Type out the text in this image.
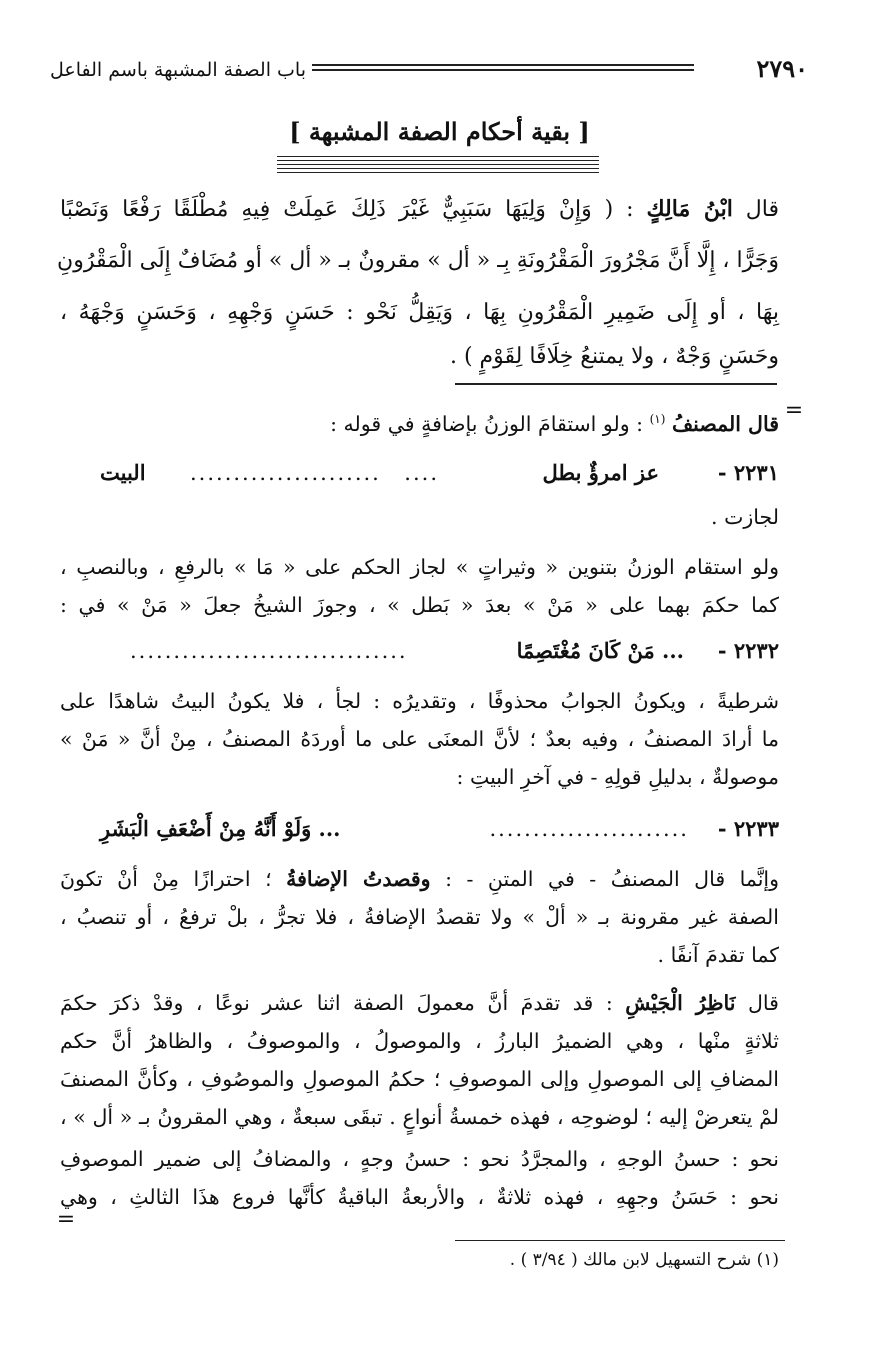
٢٧٩٠
باب الصفة المشبهة باسم الفاعل
[ بقية أحكام الصفة المشبهة ]
قال ابْنُ مَالِكٍ : ( وَإِنْ وَلِيَهَا سَبَبِيٌّ غَيْرَ ذَلِكَ عَمِلَتْ فِيهِ مُطْلَقًا رَفْعًا وَنَصْبًا
وَجَرًّا ، إِلَّا أَنَّ مَجْرُورَ الْمَقْرُونَةِ بِـ « أل » مقرونٌ بـ « أل » أو مُضَافٌ إِلَى الْمَقْرُونِ
بِهَا ، أو إِلَى ضَمِيرِ الْمَقْرُونِ بِهَا ، وَيَقِلُّ نَحْو : حَسَنٍ وَجْهِهِ ، وَحَسَنٍ وَجْهَهُ ،
وحَسَنٍ وَجْهٌ ، ولا يمتنعُ خِلَافًا لِقَوْمٍ ) .
=
قال المصنفُ $^{(١)}$ : ولو استقامَ الوزنُ بإضافةٍ في قوله :
٢٢٣١ -
عز امرؤٌ بطل
....
......................
البيت
لجازت .
ولو استقام الوزنُ بتنوين « وثيراتٍ » لجاز الحكم على « مَا » بالرفعِ ، وبالنصبِ ،
كما حكمَ بهما على « مَنْ » بعدَ « بَطل » ، وجوزَ الشيخُ جعلَ « مَنْ » في :
٢٢٣٢ -
... مَنْ كَانَ مُغْتَصِمًا
................................
شرطيةً ، ويكونُ الجوابُ محذوفًا ، وتقديرُه : لجأ ، فلا يكونُ البيتُ شاهدًا على
ما أرادَ المصنفُ ، وفيه بعدٌ ؛ لأنَّ المعنَى على ما أوردَهُ المصنفُ ، مِنْ أنَّ « مَنْ »
موصولةٌ ، بدليلِ قولِهِ - في آخرِ البيتِ :
٢٢٣٣ -
.......................
... وَلَوْ أَنَّهُ مِنْ أَضْعَفِ الْبَشَرِ
وإنَّما قال المصنفُ - في المتنِ - : وقصدتُ الإضافةُ ؛ احترازًا مِنْ أنْ تكونَ
الصفة غير مقرونة بـ « ألْ » ولا تقصدُ الإضافةُ ، فلا تجرُّ ، بلْ ترفعُ ، أو تنصبُ ،
كما تقدمَ آنفًا .
قال نَاظِرُ الْجَيْشِ : قد تقدمَ أنَّ معمولَ الصفة اثنا عشر نوعًا ، وقدْ ذكرَ حكمَ
ثلاثةٍ منْها ، وهي الضميرُ البارزُ ، والموصولُ ، والموصوفُ ، والظاهرُ أنَّ حكم
المضافِ إلى الموصولِ وإلى الموصوفِ ؛ حكمُ الموصولِ والموصُوفِ ، وكأنَّ المصنفَ
لمْ يتعرضْ إليه ؛ لوضوحِه ، فهذه خمسةُ أنواعٍ . تبقَى سبعةٌ ، وهي المقرونُ بـ « أل » ،
نحو : حسنُ الوجهِ ، والمجرَّدُ نحو : حسنُ وجهٍ ، والمضافُ إلى ضمير الموصوفِ
نحو : حَسَنُ وجهِهِ ، فهذه ثلاثةٌ ، والأربعةُ الباقيةُ كأنَّها فروع هذَا الثالثِ ، وهي
=
(١) شرح التسهيل لابن مالك ( ٣/٩٤ ) .
